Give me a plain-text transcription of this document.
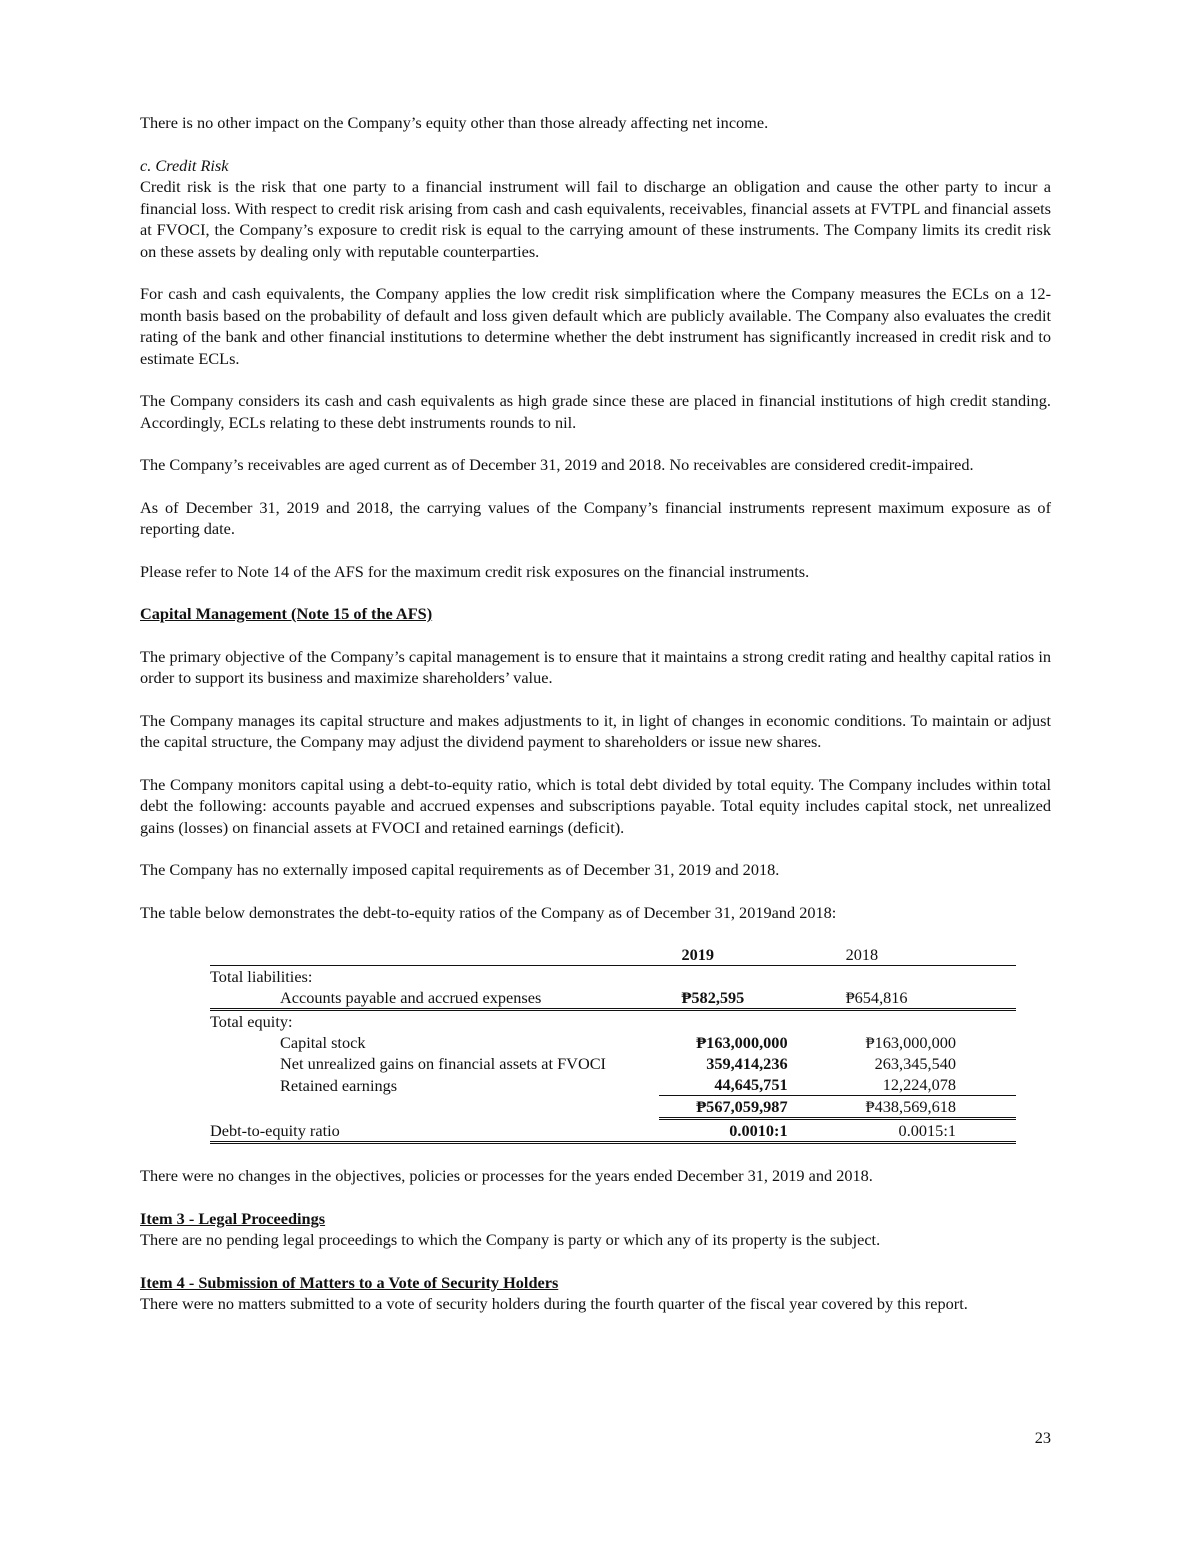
There is no other impact on the Company’s equity other than those already affecting net income.

c. Credit Risk

Credit risk is the risk that one party to a financial instrument will fail to discharge an obligation and cause the other party to incur a financial loss. With respect to credit risk arising from cash and cash equivalents, receivables, financial assets at FVTPL and financial assets at FVOCI, the Company’s exposure to credit risk is equal to the carrying amount of these instruments. The Company limits its credit risk on these assets by dealing only with reputable counterparties.

For cash and cash equivalents, the Company applies the low credit risk simplification where the Company measures the ECLs on a 12-month basis based on the probability of default and loss given default which are publicly available. The Company also evaluates the credit rating of the bank and other financial institutions to determine whether the debt instrument has significantly increased in credit risk and to estimate ECLs.

The Company considers its cash and cash equivalents as high grade since these are placed in financial institutions of high credit standing. Accordingly, ECLs relating to these debt instruments rounds to nil.

The Company’s receivables are aged current as of December 31, 2019 and 2018. No receivables are considered credit-impaired.

As of December 31, 2019 and 2018, the carrying values of the Company’s financial instruments represent maximum exposure as of reporting date.

Please refer to Note 14 of the AFS for the maximum credit risk exposures on the financial instruments.

Capital Management (Note 15 of the AFS)

The primary objective of the Company’s capital management is to ensure that it maintains a strong credit rating and healthy capital ratios in order to support its business and maximize shareholders’ value.

The Company manages its capital structure and makes adjustments to it, in light of changes in economic conditions. To maintain or adjust the capital structure, the Company may adjust the dividend payment to shareholders or issue new shares.

The Company monitors capital using a debt-to-equity ratio, which is total debt divided by total equity. The Company includes within total debt the following: accounts payable and accrued expenses and subscriptions payable. Total equity includes capital stock, net unrealized gains (losses) on financial assets at FVOCI and retained earnings (deficit).

The Company has no externally imposed capital requirements as of December 31, 2019 and 2018.

The table below demonstrates the debt-to-equity ratios of the Company as of December 31, 2019and 2018:

	2019	2018
Total liabilities:		
Accounts payable and accrued expenses	₱582,595	₱654,816
Total equity:		
Capital stock	₱163,000,000	₱163,000,000
Net unrealized gains on financial assets at FVOCI	359,414,236	263,345,540
Retained earnings	44,645,751	12,224,078
	₱567,059,987	₱438,569,618
Debt-to-equity ratio	0.0010:1	0.0015:1

There were no changes in the objectives, policies or processes for the years ended December 31, 2019 and 2018.

Item 3 - Legal Proceedings

There are no pending legal proceedings to which the Company is party or which any of its property is the subject.

Item 4 - Submission of Matters to a Vote of Security Holders

There were no matters submitted to a vote of security holders during the fourth quarter of the fiscal year covered by this report.

23
